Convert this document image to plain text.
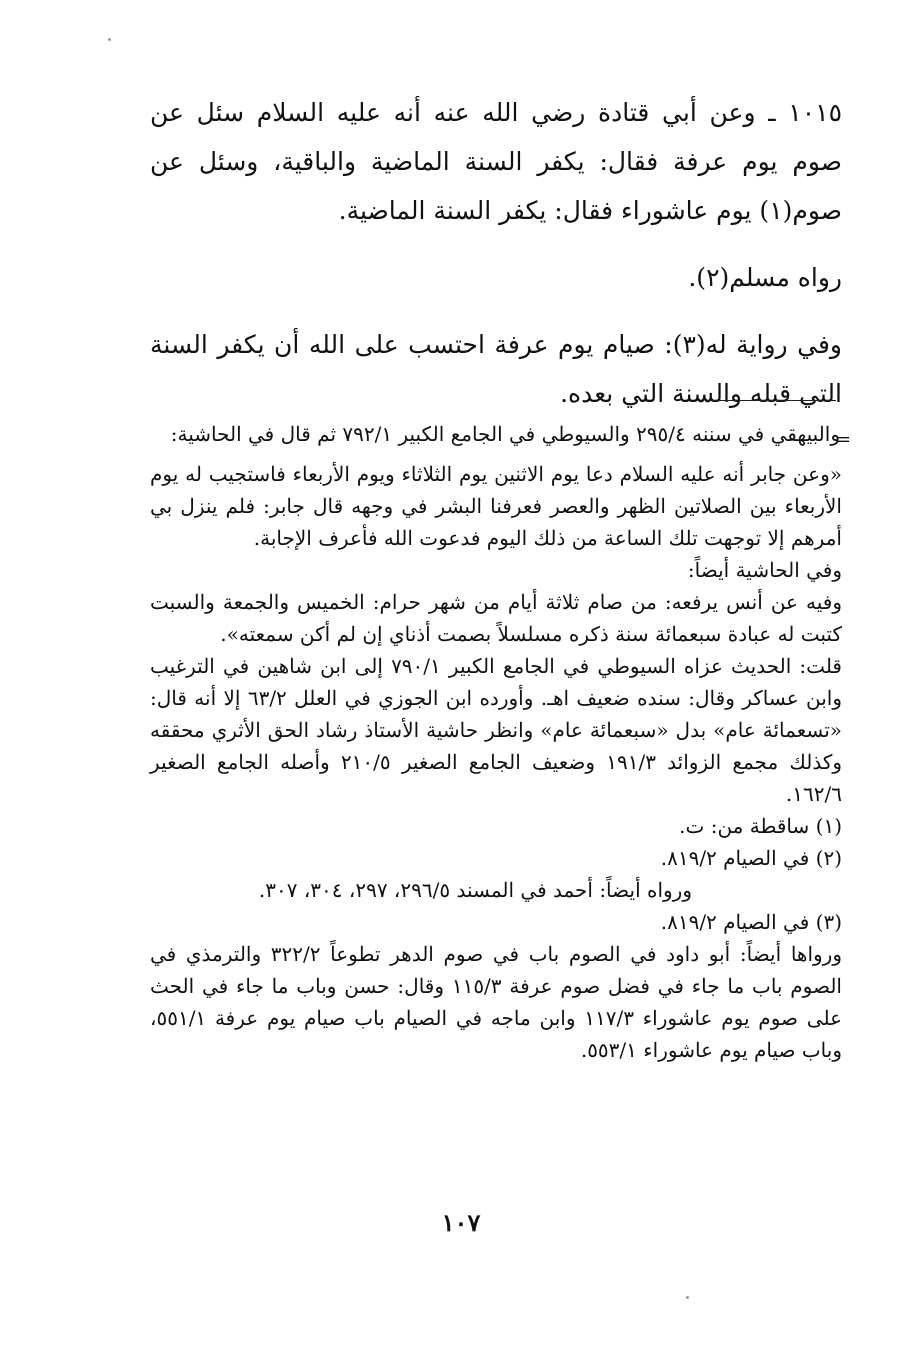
١٠١٥ ـ وعن أبي قتادة رضي الله عنه أنه عليه السلام سئل عن صوم يوم عرفة فقال: يكفر السنة الماضية والباقية، وسئل عن صوم(١) يوم عاشوراء فقال: يكفر السنة الماضية.

رواه مسلم(٢).

وفي رواية له(٣): صيام يوم عرفة احتسب على الله أن يكفر السنة التي قبله والسنة التي بعده.

=

والبيهقي في سننه ٢٩٥/٤ والسيوطي في الجامع الكبير ٧٩٢/١ ثم قال في الحاشية:

«وعن جابر أنه عليه السلام دعا يوم الاثنين يوم الثلاثاء ويوم الأربعاء فاستجيب له يوم الأربعاء بين الصلاتين الظهر والعصر فعرفنا البشر في وجهه قال جابر: فلم ينزل بي أمرهم إلا توجهت تلك الساعة من ذلك اليوم فدعوت الله فأعرف الإجابة.

وفي الحاشية أيضاً:

وفيه عن أنس يرفعه: من صام ثلاثة أيام من شهر حرام: الخميس والجمعة والسبت كتبت له عبادة سبعمائة سنة ذكره مسلسلاً بصمت أذناي إن لم أكن سمعته».

قلت: الحديث عزاه السيوطي في الجامع الكبير ٧٩٠/١ إلى ابن شاهين في الترغيب وابن عساكر وقال: سنده ضعيف اهـ. وأورده ابن الجوزي في العلل ٦٣/٢ إلا أنه قال: «تسعمائة عام» بدل «سبعمائة عام» وانظر حاشية الأستاذ رشاد الحق الأثري محققه وكذلك مجمع الزوائد ١٩١/٣ وضعيف الجامع الصغير ٢١٠/٥ وأصله الجامع الصغير ١٦٢/٦.

(١) ساقطة من: ت.

(٢) في الصيام ٨١٩/٢.

ورواه أيضاً: أحمد في المسند ٢٩٦/٥، ٢٩٧، ٣٠٤، ٣٠٧.

(٣) في الصيام ٨١٩/٢.

ورواها أيضاً: أبو داود في الصوم باب في صوم الدهر تطوعاً ٣٢٢/٢ والترمذي في الصوم باب ما جاء في فضل صوم عرفة ١١٥/٣ وقال: حسن وباب ما جاء في الحث على صوم يوم عاشوراء ١١٧/٣ وابن ماجه في الصيام باب صيام يوم عرفة ٥٥١/١، وباب صيام يوم عاشوراء ٥٥٣/١.

١٠٧
